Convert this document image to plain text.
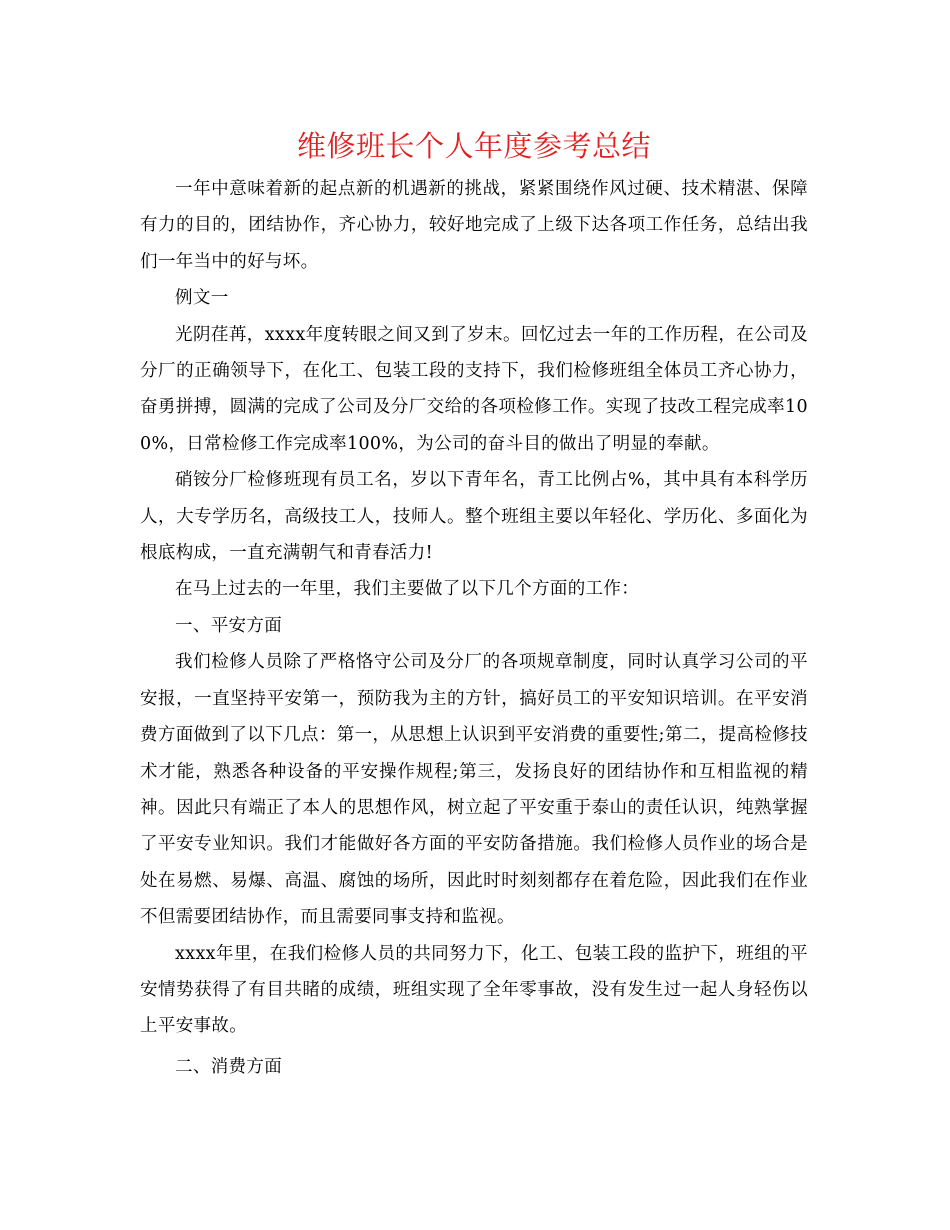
维修班长个人年度参考总结

一年中意味着新的起点新的机遇新的挑战，紧紧围绕作风过硬、技术精湛、保障有力的目的，团结协作，齐心协力，较好地完成了上级下达各项工作任务，总结出我们一年当中的好与坏。

例文一

光阴荏苒，xxxx年度转眼之间又到了岁末。回忆过去一年的工作历程，在公司及分厂的正确领导下，在化工、包装工段的支持下，我们检修班组全体员工齐心协力，奋勇拼搏，圆满的完成了公司及分厂交给的各项检修工作。实现了技改工程完成率100%，日常检修工作完成率100%，为公司的奋斗目的做出了明显的奉献。

硝铵分厂检修班现有员工名，岁以下青年名，青工比例占%，其中具有本科学历人，大专学历名，高级技工人，技师人。整个班组主要以年轻化、学历化、多面化为根底构成，一直充满朝气和青春活力!

在马上过去的一年里，我们主要做了以下几个方面的工作：

一、平安方面

我们检修人员除了严格恪守公司及分厂的各项规章制度，同时认真学习公司的平安报，一直坚持平安第一，预防我为主的方针，搞好员工的平安知识培训。在平安消费方面做到了以下几点：第一，从思想上认识到平安消费的重要性;第二，提高检修技术才能，熟悉各种设备的平安操作规程;第三，发扬良好的团结协作和互相监视的精神。因此只有端正了本人的思想作风，树立起了平安重于泰山的责任认识，纯熟掌握了平安专业知识。我们才能做好各方面的平安防备措施。我们检修人员作业的场合是处在易燃、易爆、高温、腐蚀的场所，因此时时刻刻都存在着危险，因此我们在作业不但需要团结协作，而且需要同事支持和监视。

xxxx年里，在我们检修人员的共同努力下，化工、包装工段的监护下，班组的平安情势获得了有目共睹的成绩，班组实现了全年零事故，没有发生过一起人身轻伤以上平安事故。

二、消费方面
